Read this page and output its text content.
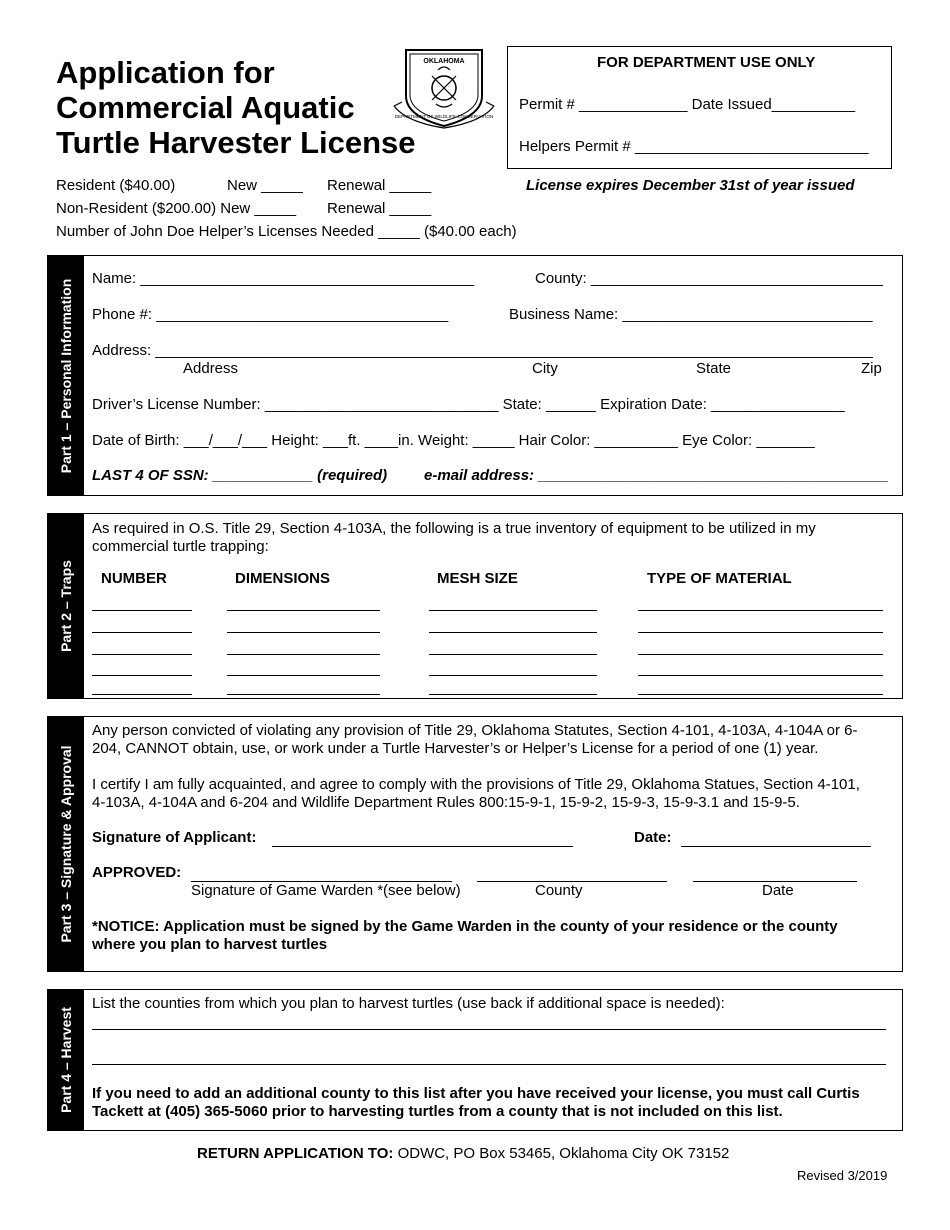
Application for
Commercial Aquatic
Turtle Harvester License
OKLAHOMA
DEPARTMENT OF WILDLIFE CONSERVATION
FOR DEPARTMENT USE ONLY
Permit # _____________ Date Issued__________
Helpers Permit # ____________________________
License expires December 31st of year issued
Resident ($40.00)	New _____ Renewal _____
Non-Resident ($200.00) New _____ Renewal _____
Number of John Doe Helper’s Licenses Needed _____ ($40.00 each)
Part 1 – Personal Information Name: ________________________________________	County: ___________________________________
Phone #: ___________________________________	Business Name: ______________________________
Address: ______________________________________________________________________________________
Address	City	State	Zip
Driver’s License Number: ____________________________ State: ______ Expiration Date: ________________
Date of Birth: ___/___/___ Height: ___ft. ____in. Weight: _____ Hair Color: __________ Eye Color: _______
LAST 4 OF SSN: ____________ (required) e-mail address: __________________________________________
Part 2 – Traps
As required in O.S. Title 29, Section 4-103A, the following is a true inventory of equipment to be utilized in my
commercial turtle trapping:
NUMBER	DIMENSIONS	MESH SIZE	TYPE OF MATERIAL
Part 3 – Signature & Approval
Any person convicted of violating any provision of Title 29, Oklahoma Statutes, Section 4-101, 4-103A, 4-104A or 6-
204, CANNOT obtain, use, or work under a Turtle Harvester’s or Helper’s License for a period of one (1) year.
I certify I am fully acquainted, and agree to comply with the provisions of Title 29, Oklahoma Statues, Section 4-101,
4-103A, 4-104A and 6-204 and Wildlife Department Rules 800:15-9-1, 15-9-2, 15-9-3, 15-9-3.1 and 15-9-5.
Signature of Applicant:	Date:
APPROVED:
Signature of Game Warden *(see below)	County	Date
*NOTICE: Application must be signed by the Game Warden in the county of your residence or the county
where you plan to harvest turtles
Part 4 – Harvest
List the counties from which you plan to harvest turtles (use back if additional space is needed):
If you need to add an additional county to this list after you have received your license, you must call Curtis
Tackett at (405) 365-5060 prior to harvesting turtles from a county that is not included on this list.
RETURN APPLICATION TO: ODWC, PO Box 53465, Oklahoma City OK 73152
Revised 3/2019
